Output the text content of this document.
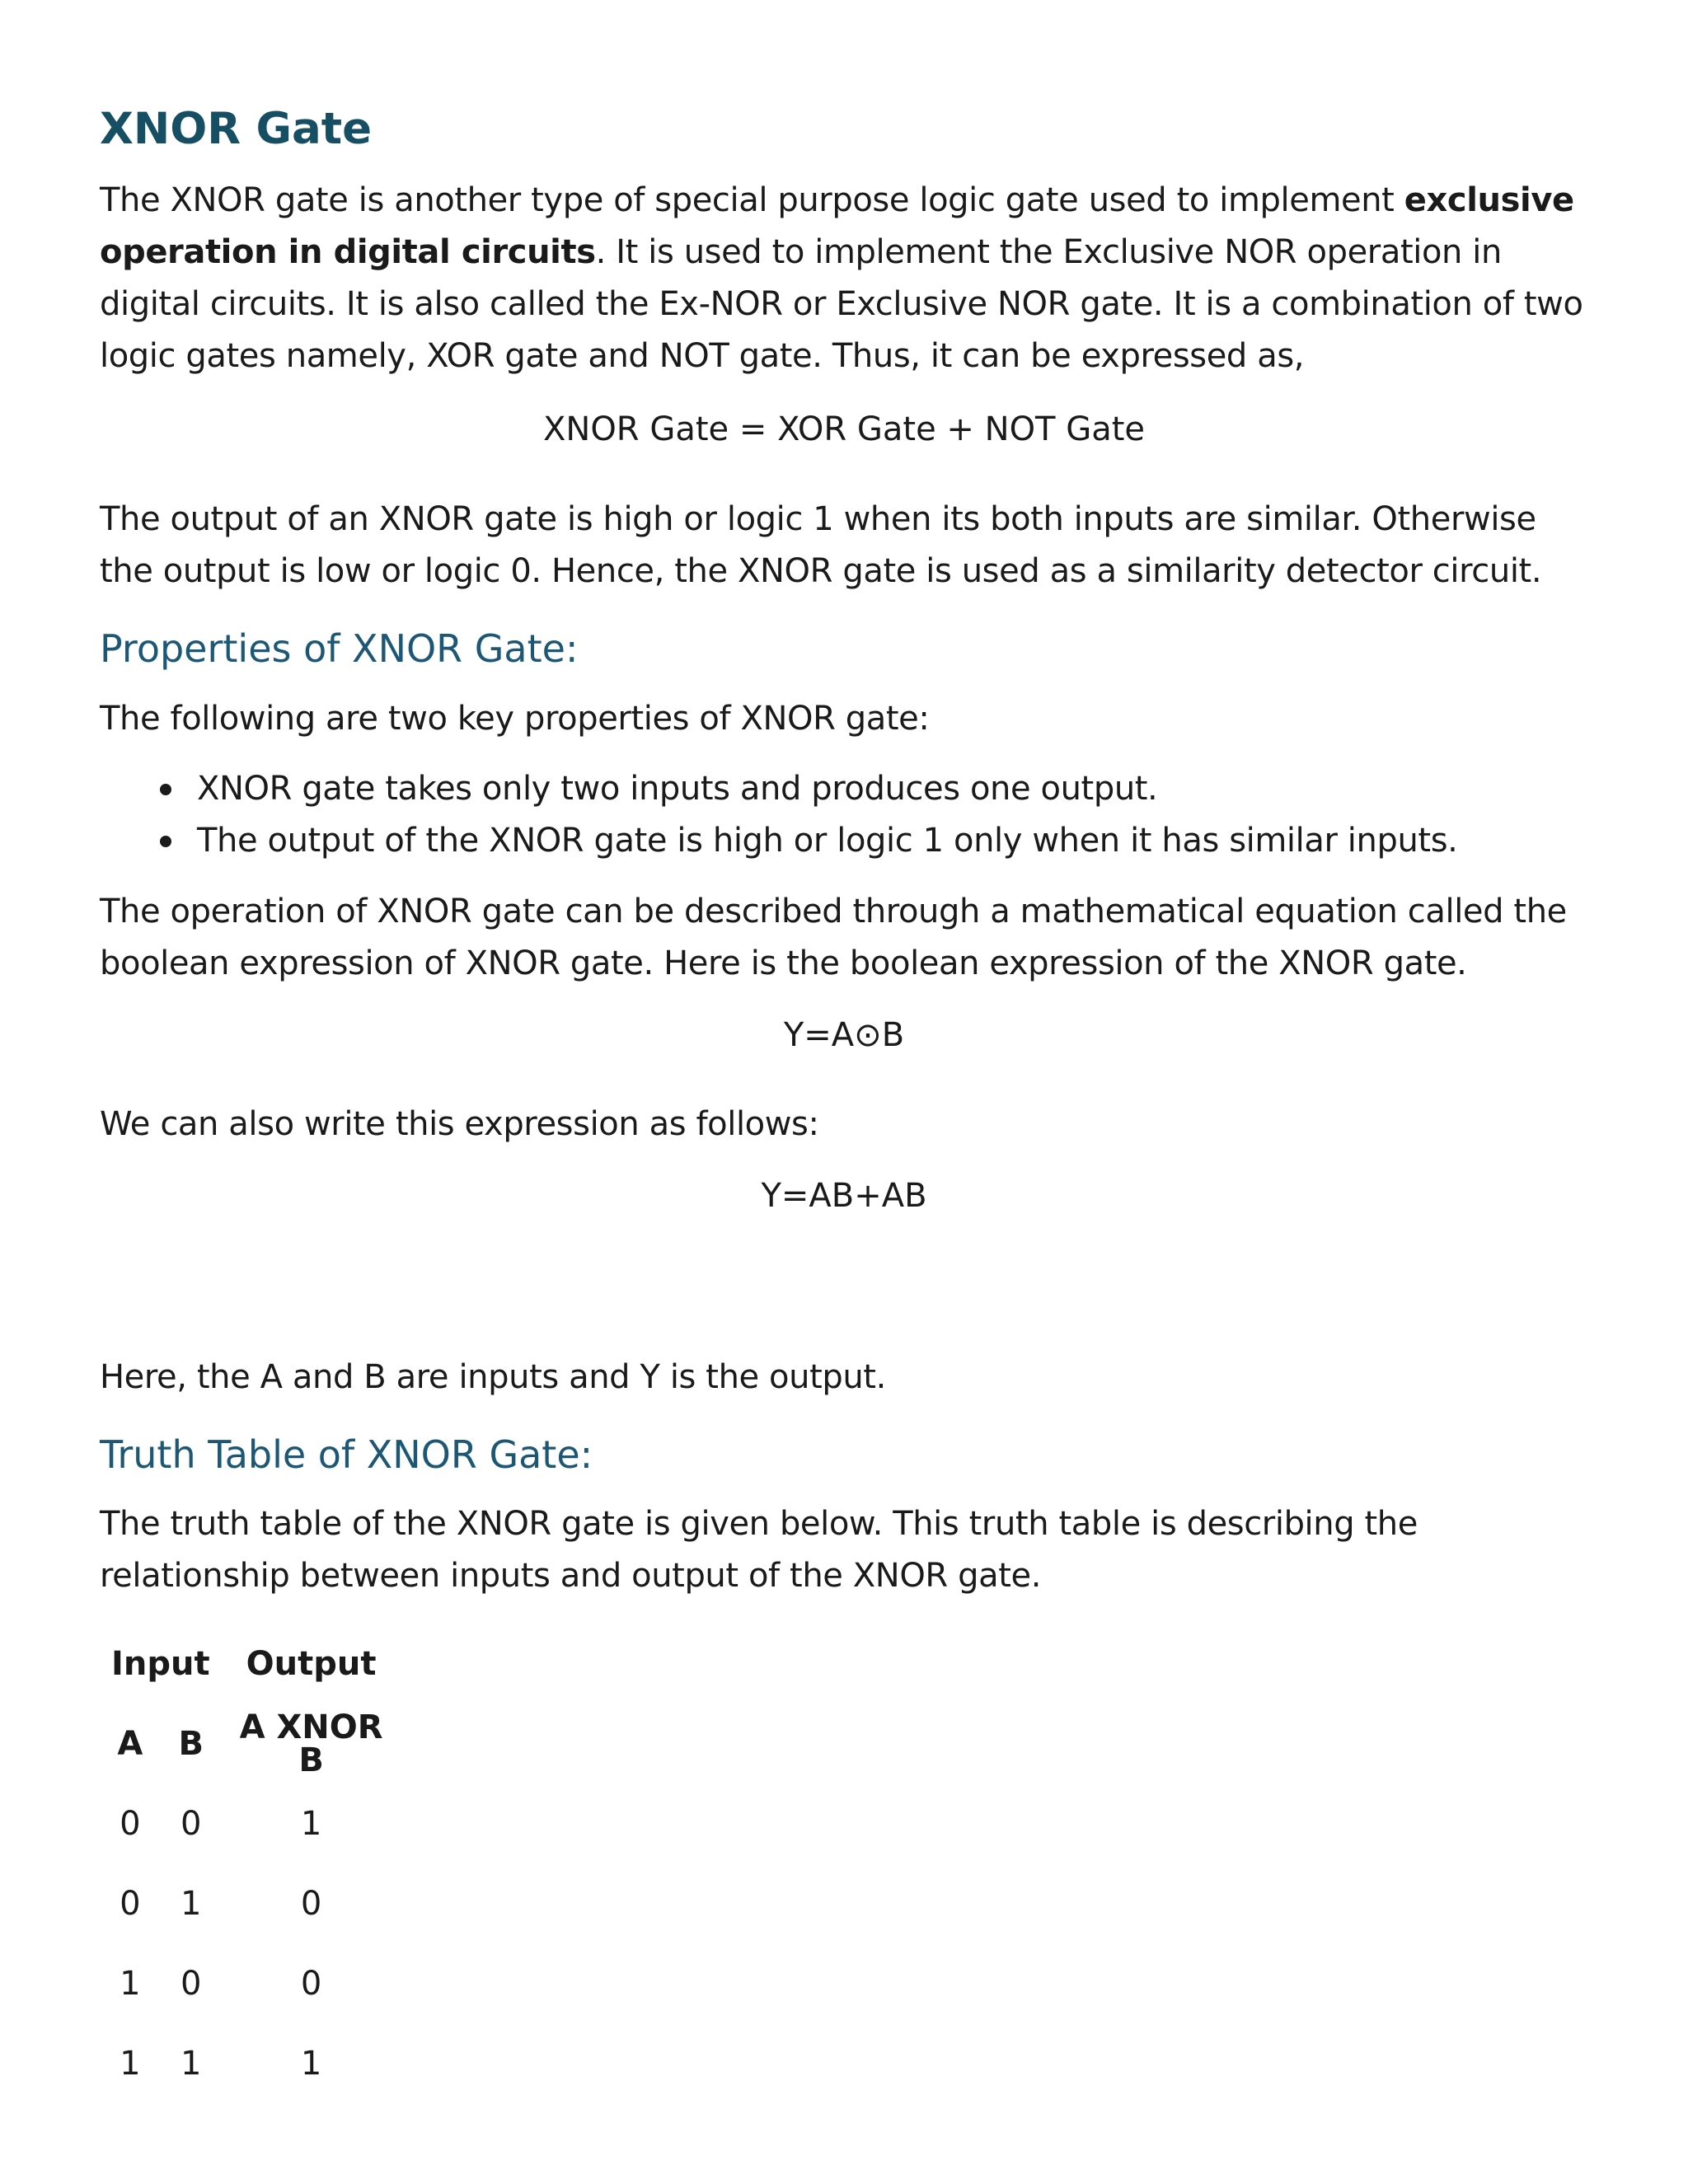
XNOR Gate

The XNOR gate is another type of special purpose logic gate used to implement exclusive operation in digital circuits. It is used to implement the Exclusive NOR operation in digital circuits. It is also called the Ex-NOR or Exclusive NOR gate. It is a combination of two logic gates namely, XOR gate and NOT gate. Thus, it can be expressed as,

XNOR Gate = XOR Gate + NOT Gate

The output of an XNOR gate is high or logic 1 when its both inputs are similar. Otherwise the output is low or logic 0. Hence, the XNOR gate is used as a similarity detector circuit.

Properties of XNOR Gate:

The following are two key properties of XNOR gate:

XNOR gate takes only two inputs and produces one output.
The output of the XNOR gate is high or logic 1 only when it has similar inputs.

The operation of XNOR gate can be described through a mathematical equation called the boolean expression of XNOR gate. Here is the boolean expression of the XNOR gate.

Y=A⊙B

We can also write this expression as follows:

Y=AB+AB

Here, the A and B are inputs and Y is the output.

Truth Table of XNOR Gate:

The truth table of the XNOR gate is given below. This truth table is describing the relationship between inputs and output of the XNOR gate.

Input		Output
A	B	A XNOR B
0	0	1
0	1	0
1	0	0
1	1	1
